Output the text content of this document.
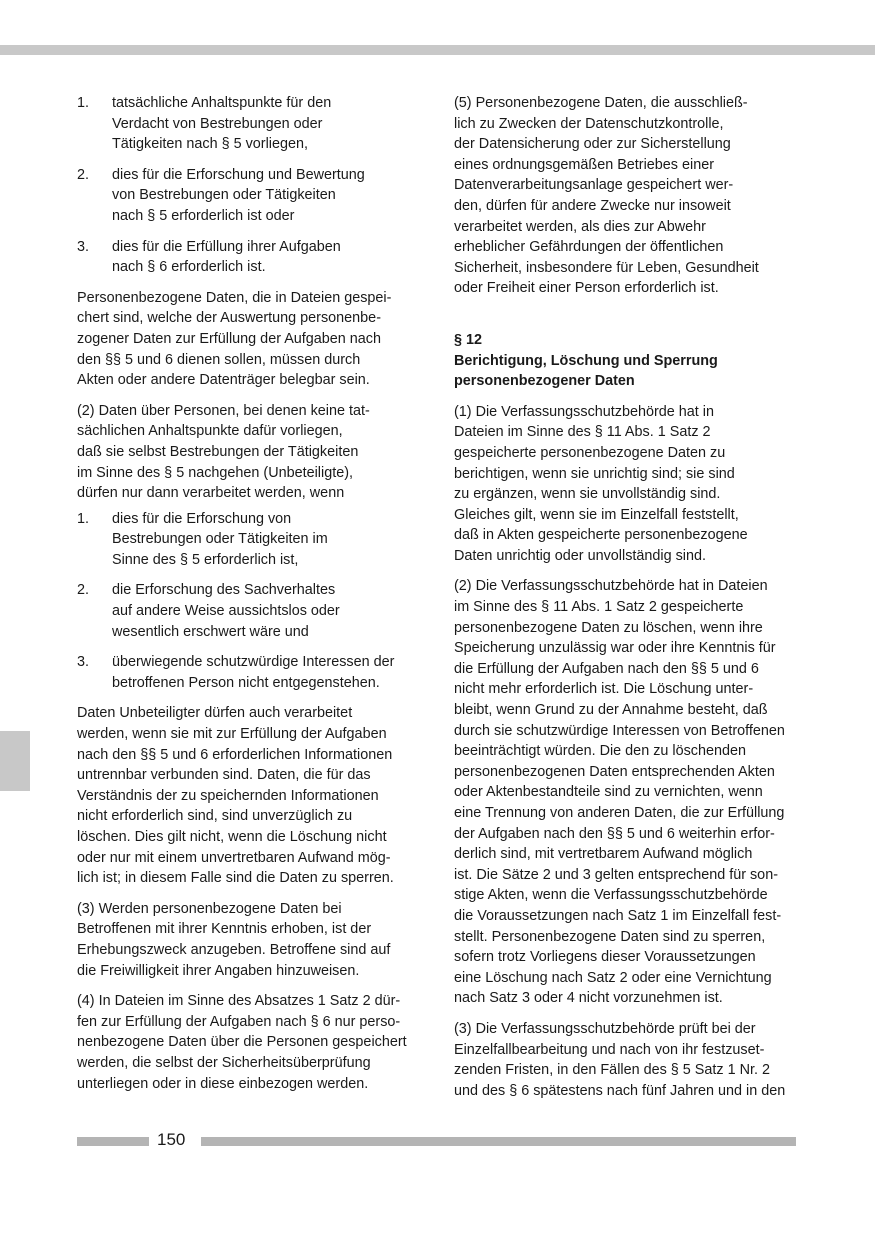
1.	tatsächliche Anhaltspunkte für den
Verdacht von Bestrebungen oder
Tätigkeiten nach § 5 vorliegen,
2.	dies für die Erforschung und Bewertung
von Bestrebungen oder Tätigkeiten
nach § 5 erforderlich ist oder
3.	dies für die Erfüllung ihrer Aufgaben
nach § 6 erforderlich ist.
Personenbezogene Daten, die in Dateien gespei-
chert sind, welche der Auswertung personenbe-
zogener Daten zur Erfüllung der Aufgaben nach
den §§ 5 und 6 dienen sollen, müssen durch
Akten oder andere Datenträger belegbar sein.
(2) Daten über Personen, bei denen keine tat-
sächlichen Anhaltspunkte dafür vorliegen,
daß sie selbst Bestrebungen der Tätigkeiten
im Sinne des § 5 nachgehen (Unbeteiligte),
dürfen nur dann verarbeitet werden, wenn
1.	dies für die Erforschung von
Bestrebungen oder Tätigkeiten im
Sinne des § 5 erforderlich ist,
2.	die Erforschung des Sachverhaltes
auf andere Weise aussichtslos oder
wesentlich erschwert wäre und
3.	überwiegende schutzwürdige Interessen der
betroffenen Person nicht entgegenstehen.
Daten Unbeteiligter dürfen auch verarbeitet
werden, wenn sie mit zur Erfüllung der Aufgaben
nach den §§ 5 und 6 erforderlichen Informationen
untrennbar verbunden sind. Daten, die für das
Verständnis der zu speichernden Informationen
nicht erforderlich sind, sind unverzüglich zu
löschen. Dies gilt nicht, wenn die Löschung nicht
oder nur mit einem unvertretbaren Aufwand mög-
lich ist; in diesem Falle sind die Daten zu sperren.
(3) Werden personenbezogene Daten bei
Betroffenen mit ihrer Kenntnis erhoben, ist der
Erhebungszweck anzugeben. Betroffene sind auf
die Freiwilligkeit ihrer Angaben hinzuweisen.
(4) In Dateien im Sinne des Absatzes 1 Satz 2 dür-
fen zur Erfüllung der Aufgaben nach § 6 nur perso-
nenbezogene Daten über die Personen gespeichert
werden, die selbst der Sicherheitsüberprüfung
unterliegen oder in diese einbezogen werden.
(5) Personenbezogene Daten, die ausschließ-
lich zu Zwecken der Datenschutzkontrolle,
der Datensicherung oder zur Sicherstellung
eines ordnungsgemäßen Betriebes einer
Datenverarbeitungsanlage gespeichert wer-
den, dürfen für andere Zwecke nur insoweit
verarbeitet werden, als dies zur Abwehr
erheblicher Gefährdungen der öffentlichen
Sicherheit, insbesondere für Leben, Gesundheit
oder Freiheit einer Person erforderlich ist.
§ 12
Berichtigung, Löschung und Sperrung
personenbezogener Daten
(1) Die Verfassungsschutzbehörde hat in
Dateien im Sinne des § 11 Abs. 1 Satz 2
gespeicherte personenbezogene Daten zu
berichtigen, wenn sie unrichtig sind; sie sind
zu ergänzen, wenn sie unvollständig sind.
Gleiches gilt, wenn sie im Einzelfall feststellt,
daß in Akten gespeicherte personenbezogene
Daten unrichtig oder unvollständig sind.
(2) Die Verfassungsschutzbehörde hat in Dateien
im Sinne des § 11 Abs. 1 Satz 2 gespeicherte
personenbezogene Daten zu löschen, wenn ihre
Speicherung unzulässig war oder ihre Kenntnis für
die Erfüllung der Aufgaben nach den §§ 5 und 6
nicht mehr erforderlich ist. Die Löschung unter-
bleibt, wenn Grund zu der Annahme besteht, daß
durch sie schutzwürdige Interessen von Betroffenen
beeinträchtigt würden. Die den zu löschenden
personenbezogenen Daten entsprechenden Akten
oder Aktenbestandteile sind zu vernichten, wenn
eine Trennung von anderen Daten, die zur Erfüllung
der Aufgaben nach den §§ 5 und 6 weiterhin erfor-
derlich sind, mit vertretbarem Aufwand möglich
ist. Die Sätze 2 und 3 gelten entsprechend für son-
stige Akten, wenn die Verfassungsschutzbehörde
die Voraussetzungen nach Satz 1 im Einzelfall fest-
stellt. Personenbezogene Daten sind zu sperren,
sofern trotz Vorliegens dieser Voraussetzungen
eine Löschung nach Satz 2 oder eine Vernichtung
nach Satz 3 oder 4 nicht vorzunehmen ist.
(3) Die Verfassungsschutzbehörde prüft bei der
Einzelfallbearbeitung und nach von ihr festzuset-
zenden Fristen, in den Fällen des § 5 Satz 1 Nr. 2
und des § 6 spätestens nach fünf Jahren und in den
150
